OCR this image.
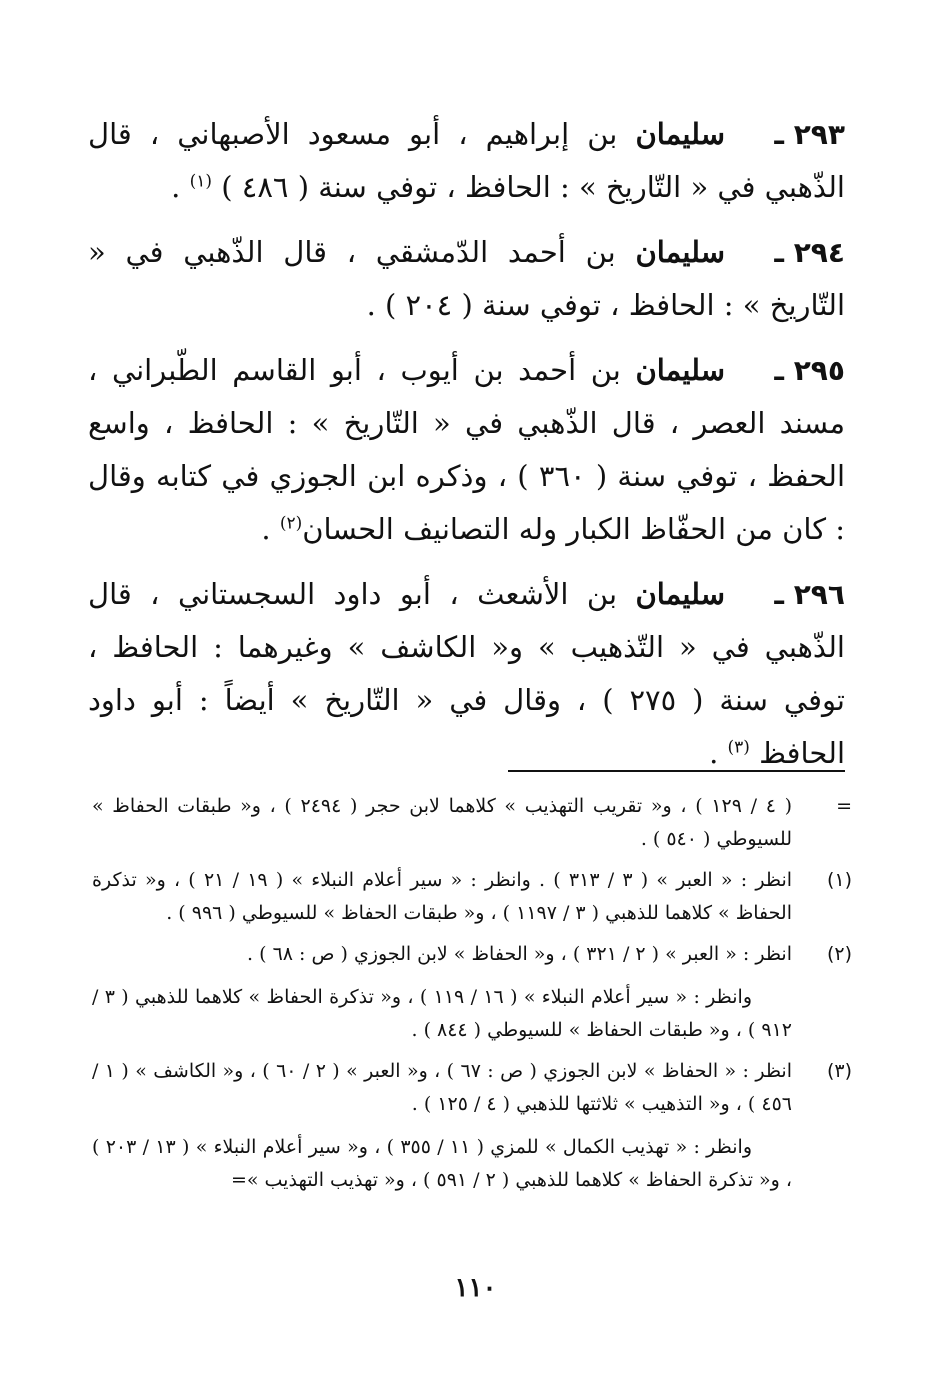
٢٩٣ ـ
سليمان بن إبراهيم ، أبو مسعود الأصبهاني ، قال الذّهبي في « التّاريخ » : الحافظ ، توفي سنة ( ٤٨٦ ) $^{(١)}$ .
٢٩٤ ـ
سليمان بن أحمد الدّمشقي ، قال الذّهبي في « التّاريخ » : الحافظ ، توفي سنة ( ٢٠٤ ) .
٢٩٥ ـ
سليمان بن أحمد بن أيوب ، أبو القاسم الطّبراني ، مسند العصر ، قال الذّهبي في « التّاريخ » : الحافظ ، واسع الحفظ ، توفي سنة ( ٣٦٠ ) ، وذكره ابن الجوزي في كتابه وقال : كان من الحفّاظ الكبار وله التصانيف الحسان$^{(٢)}$ .
٢٩٦ ـ
سليمان بن الأشعث ، أبو داود السجستاني ، قال الذّهبي في « التّذهيب » و« الكاشف » وغيرهما : الحافظ ، توفي سنة ( ٢٧٥ ) ، وقال في « التّاريخ » أيضاً : أبو داود الحافظ $^{(٣)}$ .
=
( ٤ / ١٢٩ ) ، و« تقريب التهذيب » كلاهما لابن حجر ( ٢٤٩٤ ) ، و« طبقات الحفاظ » للسيوطي ( ٥٤٠ ) .
(١)
انظر : « العبر » ( ٣ / ٣١٣ ) . وانظر : « سير أعلام النبلاء » ( ١٩ / ٢١ ) ، و« تذكرة الحفاظ » كلاهما للذهبي ( ٣ / ١١٩٧ ) ، و« طبقات الحفاظ » للسيوطي ( ٩٩٦ ) .
(٢)
انظر : « العبر » ( ٢ / ٣٢١ ) ، و« الحفاظ » لابن الجوزي ( ص : ٦٨ ) .
وانظر : « سير أعلام النبلاء » ( ١٦ / ١١٩ ) ، و« تذكرة الحفاظ » كلاهما للذهبي ( ٣ / ٩١٢ ) ، و« طبقات الحفاظ » للسيوطي ( ٨٤٤ ) .
(٣)
انظر : « الحفاظ » لابن الجوزي ( ص : ٦٧ ) ، و« العبر » ( ٢ / ٦٠ ) ، و« الكاشف » ( ١ / ٤٥٦ ) ، و« التذهيب » ثلاثتها للذهبي ( ٤ / ١٢٥ ) .
وانظر : « تهذيب الكمال » للمزي ( ١١ / ٣٥٥ ) ، و« سير أعلام النبلاء » ( ١٣ / ٢٠٣ ) ، و« تذكرة الحفاظ » كلاهما للذهبي ( ٢ / ٥٩١ ) ، و« تهذيب التهذيب »=
١١٠
